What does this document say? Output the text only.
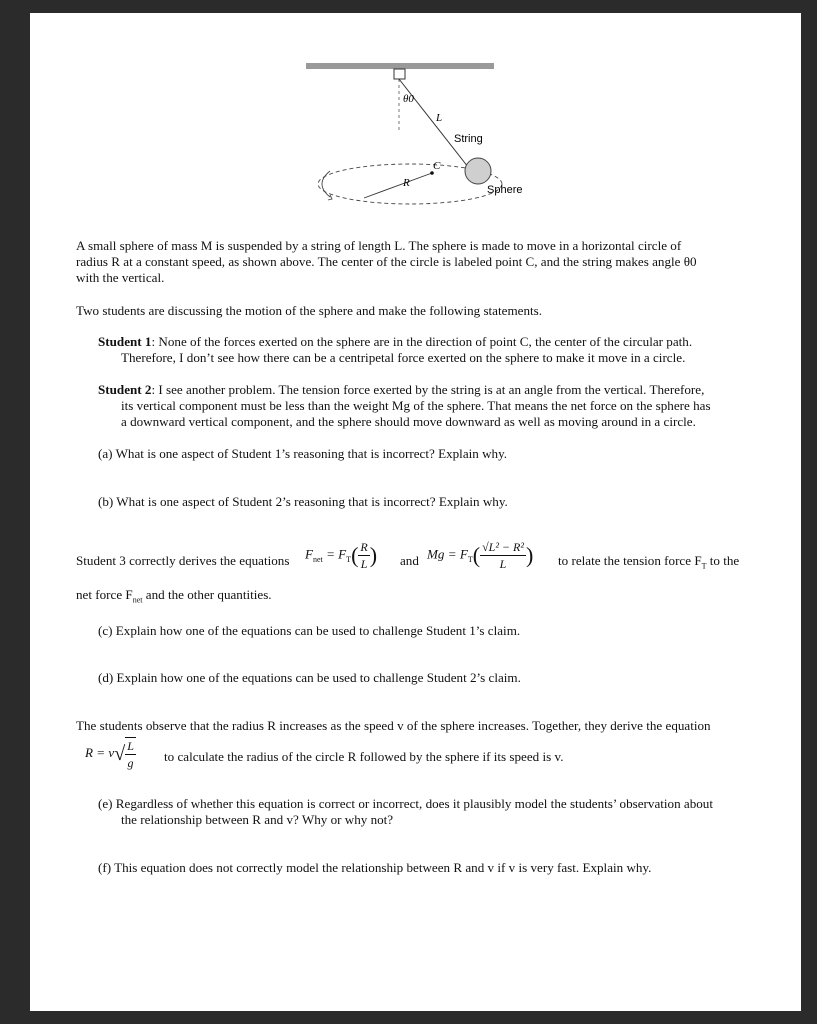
θ0
L
String
C
R
Sphere
A small sphere of mass M is suspended by a string of length L. The sphere is made to move in a horizontal circle of
radius R at a constant speed, as shown above. The center of the circle is labeled point C, and the string makes angle θ0
with the vertical.
Two students are discussing the motion of the sphere and make the following statements.
Student 1: None of the forces exerted on the sphere are in the direction of point C, the center of the circular path.
Therefore, I don’t see how there can be a centripetal force exerted on the sphere to make it move in a circle.
Student 2: I see another problem. The tension force exerted by the string is at an angle from the vertical. Therefore,
its vertical component must be less than the weight Mg of the sphere. That means the net force on the sphere has
a downward vertical component, and the sphere should move downward as well as moving around in a circle.
(a) What is one aspect of Student 1’s reasoning that is incorrect? Explain why.
(b) What is one aspect of Student 2’s reasoning that is incorrect? Explain why.
Student 3 correctly derives the equations $F_{net} = F_T( \frac{R}{L}$ ) and $Mg = F_T( \frac{\text{√L² − R²}}{L}$ ) to relate the tension force $F_T$ to the
net force $F_{net}$ and the other quantities.
(c) Explain how one of the equations can be used to challenge Student 1’s claim.
(d) Explain how one of the equations can be used to challenge Student 2’s claim.
The students observe that the radius R increases as the speed v of the sphere increases. Together, they derive the equation
$R = v√ \frac{L}{g}$ to calculate the radius of the circle R followed by the sphere if its speed is v.
(e) Regardless of whether this equation is correct or incorrect, does it plausibly model the students’ observation about
the relationship between R and v? Why or why not?
(f) This equation does not correctly model the relationship between R and v if v is very fast. Explain why.
